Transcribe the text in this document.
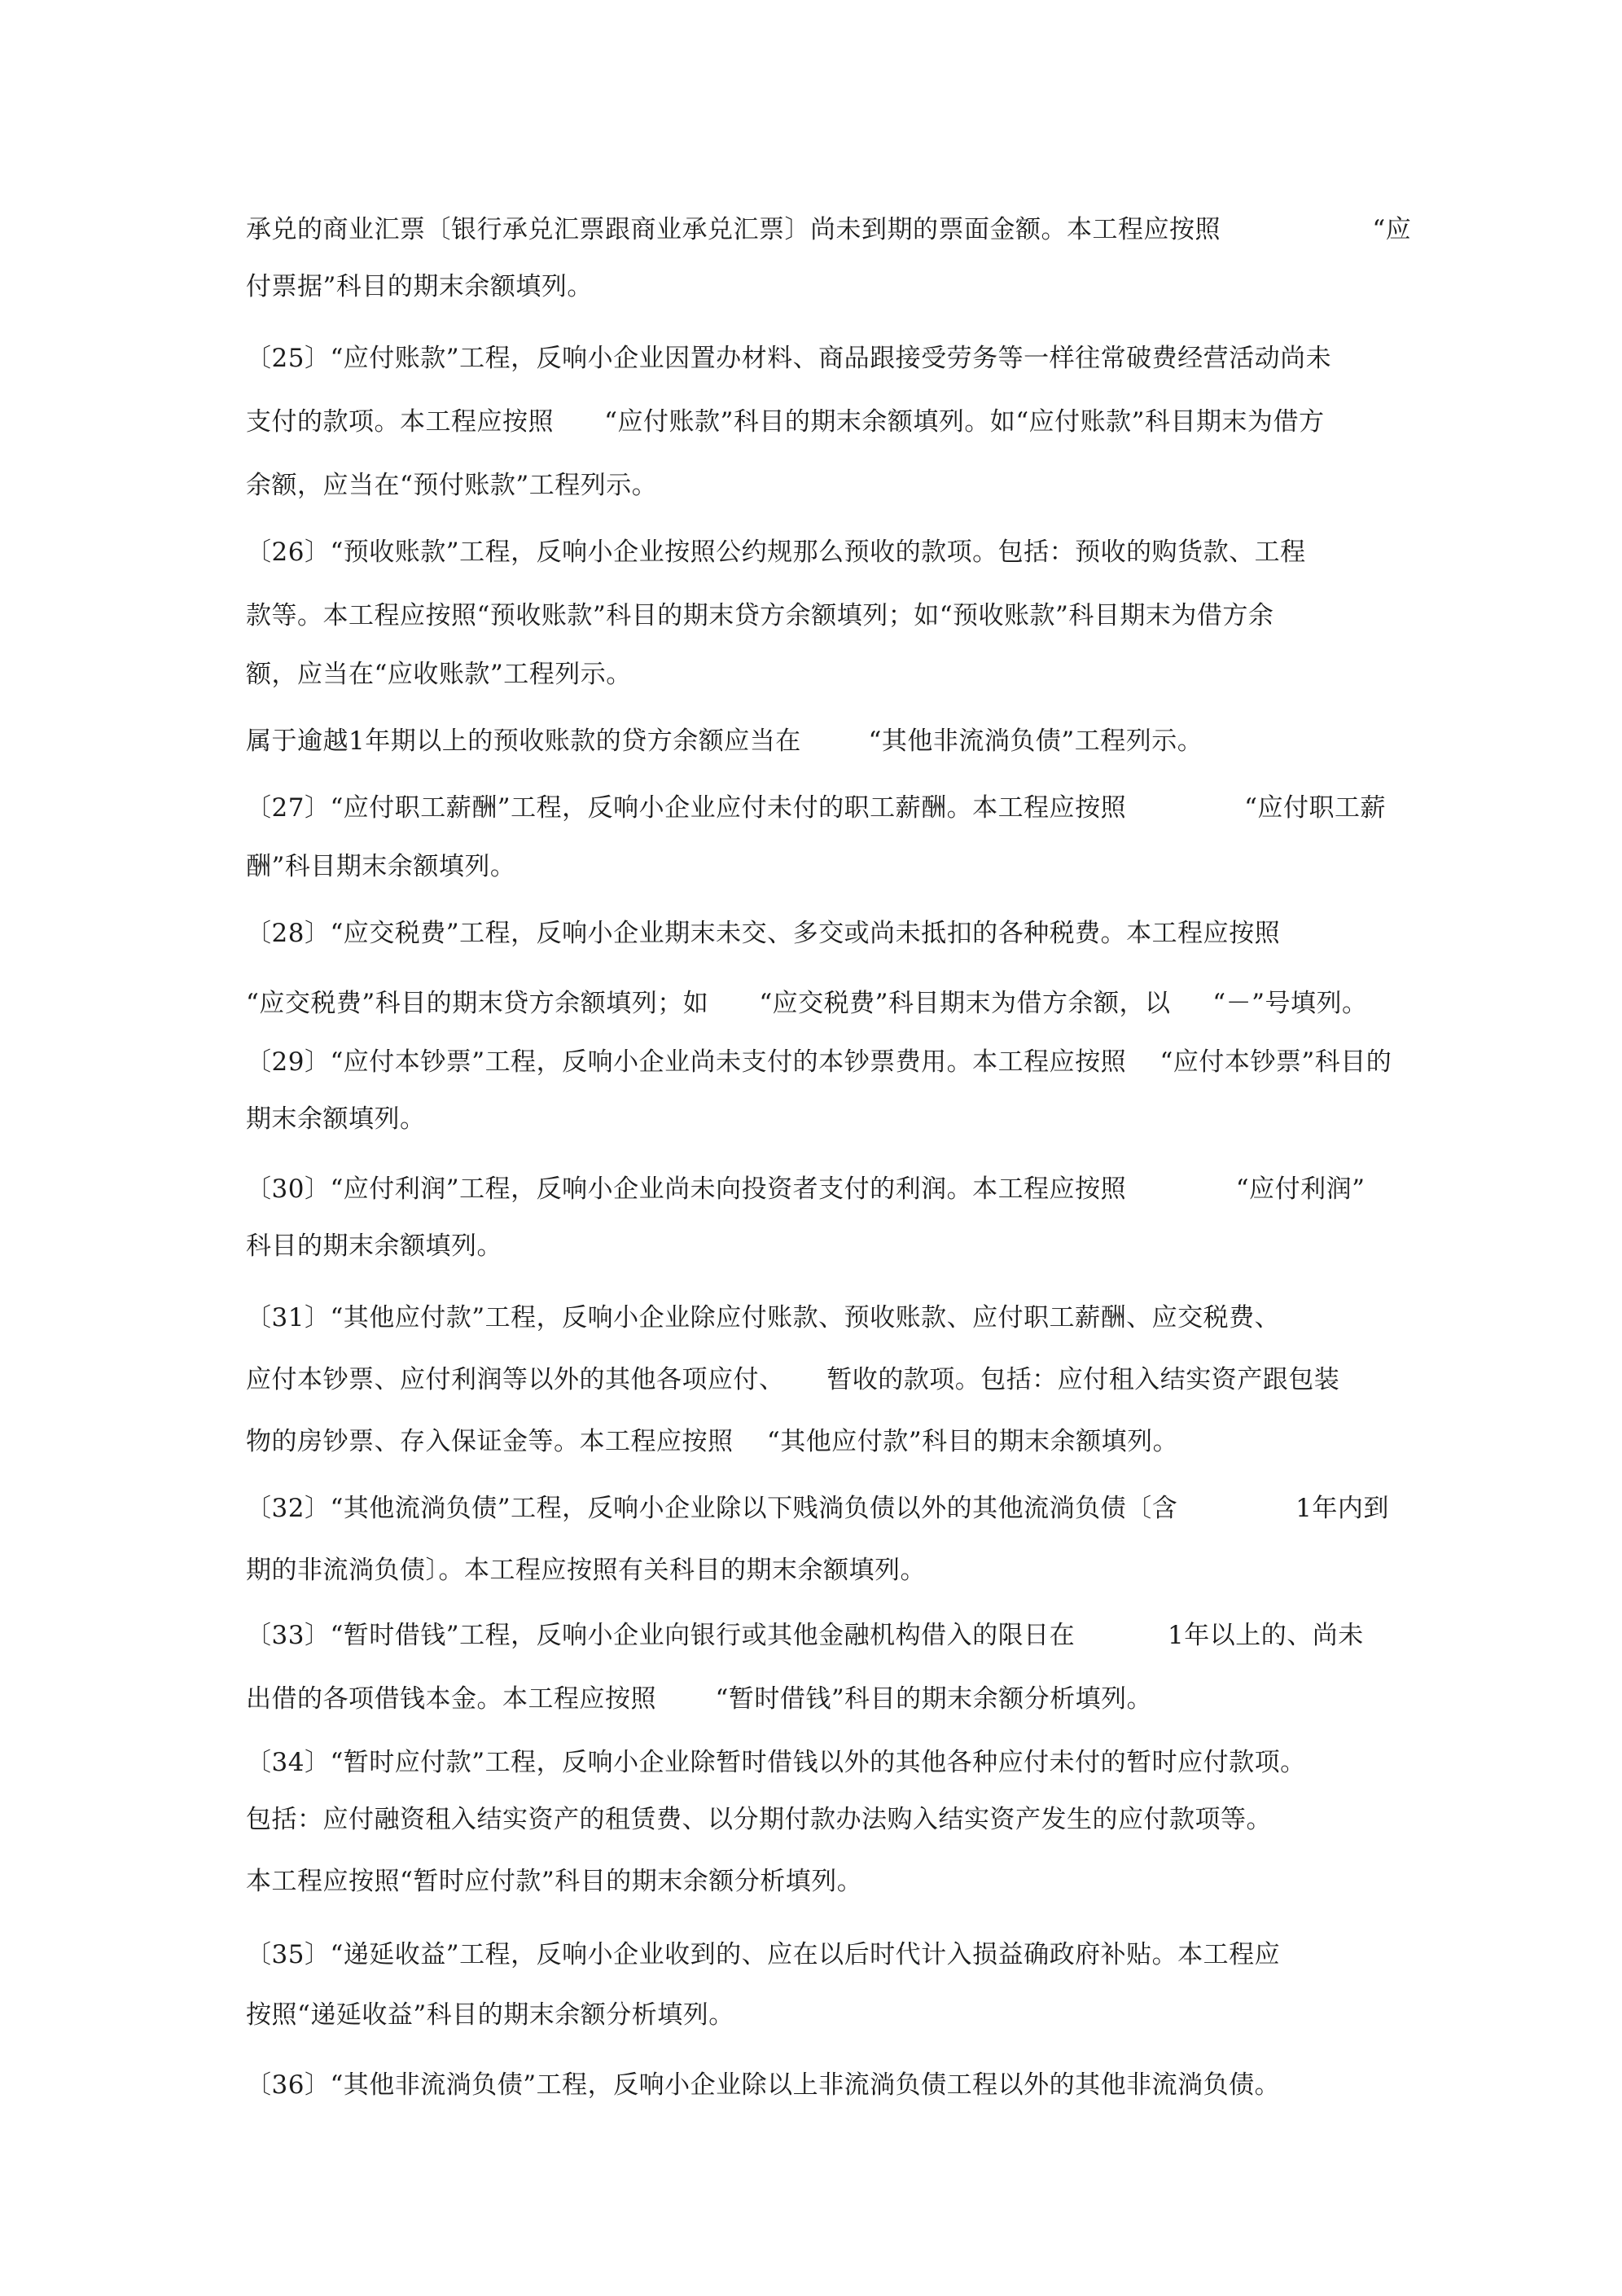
承兑的商业汇票〔银行承兑汇票跟商业承兑汇票〕尚未到期的票面金额。本工程应按照                  “应
付票据”科目的期末余额填列。
〔25〕“应付账款”工程，反响小企业因置办材料、商品跟接受劳务等一样往常破费经营活动尚未
支付的款项。本工程应按照      “应付账款”科目的期末余额填列。如“应付账款”科目期末为借方
余额，应当在“预付账款”工程列示。
〔26〕“预收账款”工程，反响小企业按照公约规那么预收的款项。包括：预收的购货款、工程
款等。本工程应按照“预收账款”科目的期末贷方余额填列；如“预收账款”科目期末为借方余
额，应当在“应收账款”工程列示。
属于逾越1年期以上的预收账款的贷方余额应当在        “其他非流淌负债”工程列示。
〔27〕“应付职工薪酬”工程，反响小企业应付未付的职工薪酬。本工程应按照              “应付职工薪
酬”科目期末余额填列。
〔28〕“应交税费”工程，反响小企业期末未交、多交或尚未抵扣的各种税费。本工程应按照
“应交税费”科目的期末贷方余额填列；如      “应交税费”科目期末为借方余额，以     “－”号填列。
〔29〕“应付本钞票”工程，反响小企业尚未支付的本钞票费用。本工程应按照    “应付本钞票”科目的
期末余额填列。
〔30〕“应付利润”工程，反响小企业尚未向投资者支付的利润。本工程应按照             “应付利润”
科目的期末余额填列。
〔31〕“其他应付款”工程，反响小企业除应付账款、预收账款、应付职工薪酬、应交税费、
应付本钞票、应付利润等以外的其他各项应付、     暂收的款项。包括：应付租入结实资产跟包装
物的房钞票、存入保证金等。本工程应按照    “其他应付款”科目的期末余额填列。
〔32〕“其他流淌负债”工程，反响小企业除以下贱淌负债以外的其他流淌负债〔含              1年内到
期的非流淌负债〕。本工程应按照有关科目的期末余额填列。
〔33〕“暂时借钱”工程，反响小企业向银行或其他金融机构借入的限日在           1年以上的、尚未
出借的各项借钱本金。本工程应按照       “暂时借钱”科目的期末余额分析填列。
〔34〕“暂时应付款”工程，反响小企业除暂时借钱以外的其他各种应付未付的暂时应付款项。
包括：应付融资租入结实资产的租赁费、以分期付款办法购入结实资产发生的应付款项等。
本工程应按照“暂时应付款”科目的期末余额分析填列。
〔35〕“递延收益”工程，反响小企业收到的、应在以后时代计入损益确政府补贴。本工程应
按照“递延收益”科目的期末余额分析填列。
〔36〕“其他非流淌负债”工程，反响小企业除以上非流淌负债工程以外的其他非流淌负债。
